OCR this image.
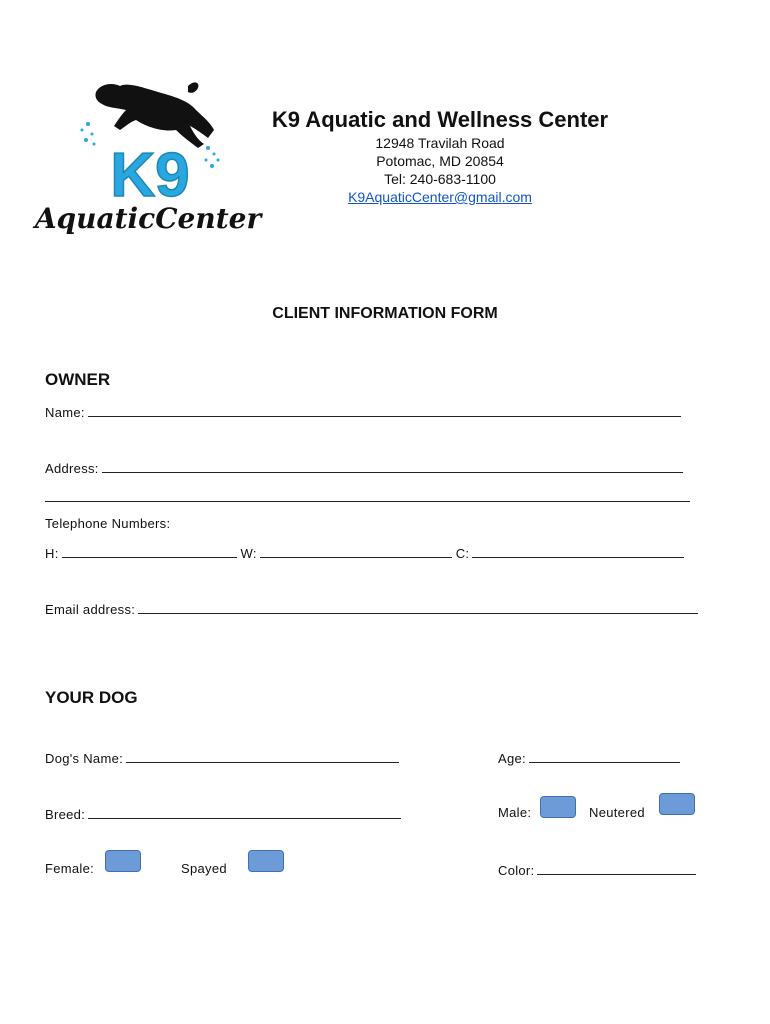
K9
AquaticCenter
K9 Aquatic and Wellness Center
12948 Travilah Road
Potomac, MD 20854
Tel: 240-683-1100
K9AquaticCenter@gmail.com
CLIENT INFORMATION FORM
OWNER
Name:
Address:
Telephone Numbers:
H:	W:	C:
Email address:
YOUR DOG
Dog's Name:	Age:
Breed:	Male:	Neutered
Female:	Spayed	Color:
